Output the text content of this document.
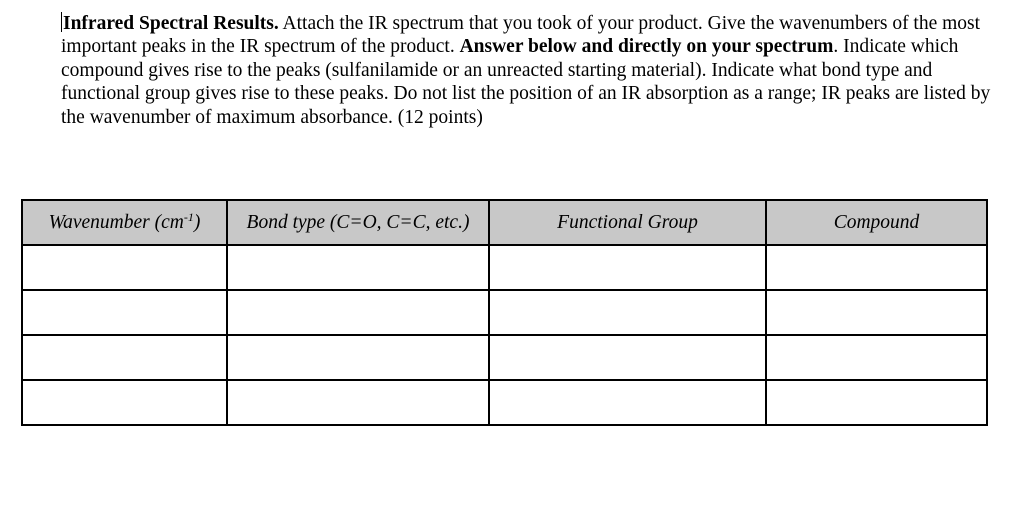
Infrared Spectral Results. Attach the IR spectrum that you took of your product. Give the wavenumbers of the most important peaks in the IR spectrum of the product. Answer below and directly on your spectrum. Indicate which compound gives rise to the peaks (sulfanilamide or an unreacted starting material). Indicate what bond type and functional group gives rise to these peaks. Do not list the position of an IR absorption as a range; IR peaks are listed by the wavenumber of maximum absorbance. (12 points)

Wavenumber $(cm^{-1})$	Bond type (C=O, C=C, etc.)	Functional Group	Compound
